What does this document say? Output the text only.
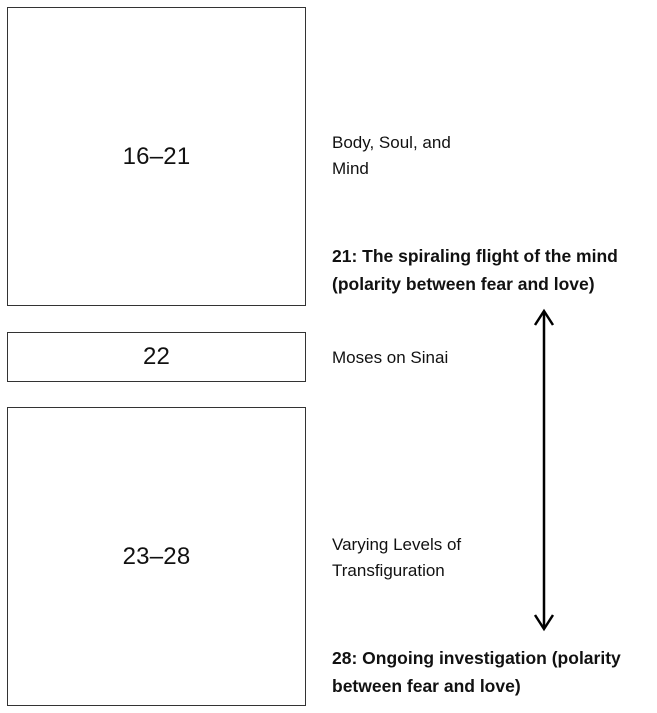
16–21
22
23–28

Body, Soul, and Mind

Moses on Sinai

Varying Levels of Transfiguration

21: The spiraling flight of the mind (polarity between fear and love)

28: Ongoing investigation (polarity between fear and love)
